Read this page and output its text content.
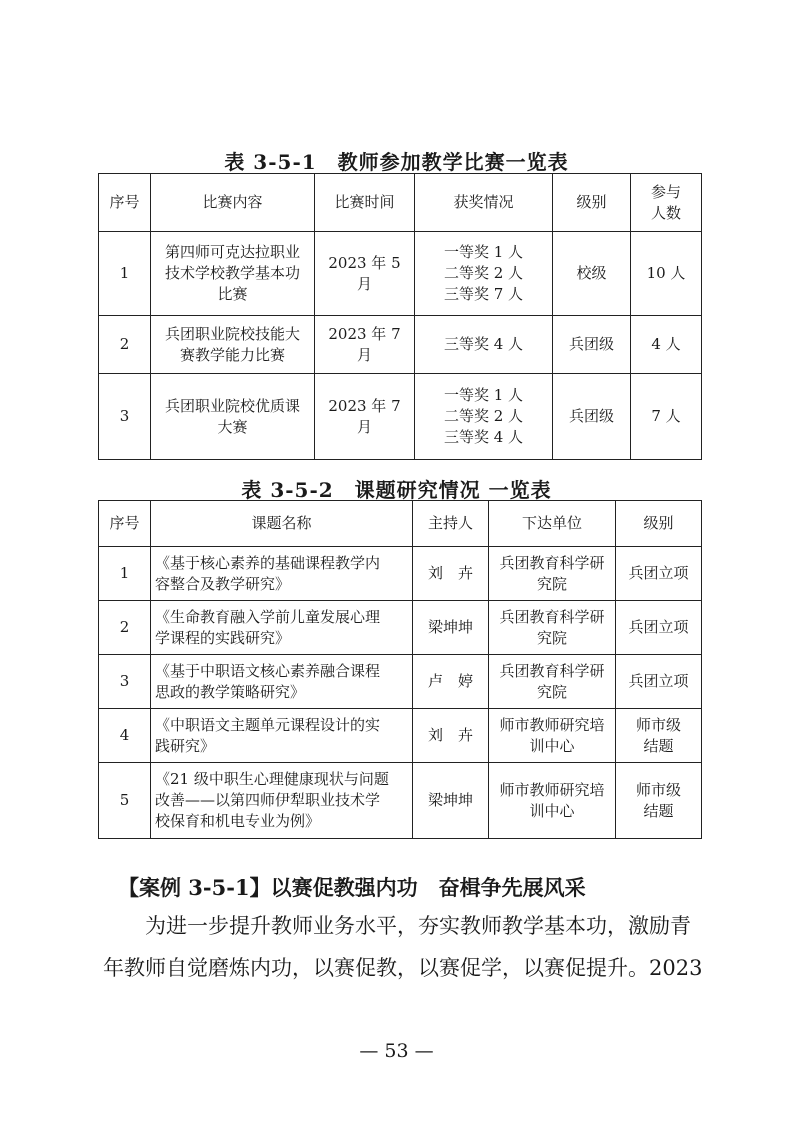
表 3-5-1　教师参加教学比赛一览表
序号	比赛内容	比赛时间	获奖情况	级别	参与
人数

1	第四师可克达拉职业
技术学校教学基本功
比赛	2023 年 5 月	一等奖 1 人
二等奖 2 人
三等奖 7 人	校级	10 人
2	兵团职业院校技能大
赛教学能力比赛	2023 年 7 月	三等奖 4 人	兵团级	4 人
3	兵团职业院校优质课
大赛	2023 年 7 月	一等奖 1 人
二等奖 2 人
三等奖 4 人	兵团级	7 人
表 3-5-2　课题研究情况 一览表
序号	课题名称	主持人	下达单位	级别
1	《基于核心素养的基础课程教学内
容整合及教学研究》	刘　卉	兵团教育科学研
究院	兵团立项

2	《生命教育融入学前儿童发展心理
学课程的实践研究》	梁坤坤	兵团教育科学研
究院	兵团立项

3	《基于中职语文核心素养融合课程
思政的教学策略研究》	卢　婷	兵团教育科学研
究院	兵团立项

4	《中职语文主题单元课程设计的实
践研究》	刘　卉	师市教师研究培
训中心	师市级
结题

5	《21 级中职生心理健康现状与问题
改善——以第四师伊犁职业技术学
校保育和机电专业为例》	梁坤坤	师市教师研究培
训中心	师市级
结题
【案例 3-5-1】以赛促教强内功　奋楫争先展风采
　　为进一步提升教师业务水平，夯实教师教学基本功，激励青
年教师自觉磨炼内功，以赛促教，以赛促学，以赛促提升。2023
— 53 —
